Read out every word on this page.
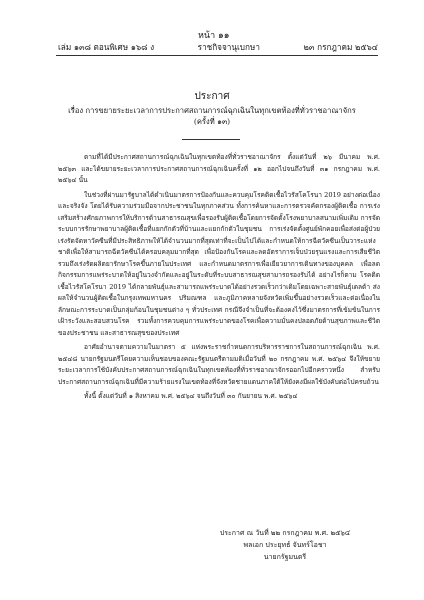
หน้า ๑๑
เล่ม ๑๓๘ ตอนพิเศษ ๑๖๘ ง	ราชกิจจานุเบกษา	๒๓ กรกฎาคม ๒๕๖๔
ประกาศ
เรื่อง การขยายระยะเวลาการประกาศสถานการณ์ฉุกเฉินในทุกเขตท้องที่ทั่วราชอาณาจักร
(ครั้งที่ ๑๓)

ตามที่ได้มีประกาศสถานการณ์ฉุกเฉินในทุกเขตท้องที่ทั่วราชอาณาจักร ตั้งแต่วันที่ ๒๖ มีนาคม พ.ศ. ๒๕๖๓ และได้ขยายระยะเวลาการประกาศสถานการณ์ฉุกเฉินครั้งที่ ๑๒ ออกไปจนถึงวันที่ ๓๑ กรกฎาคม พ.ศ. ๒๕๖๔ นั้น

ในช่วงที่ผ่านมารัฐบาลได้ดำเนินมาตรการป้องกันและควบคุมโรคติดเชื้อไวรัสโคโรนา 2019 อย่างต่อเนื่องและจริงจัง โดยได้รับความร่วมมือจากประชาชนในทุกภาคส่วน ทั้งการค้นหาและการตรวจคัดกรองผู้ติดเชื้อ การเร่งเสริมสร้างศักยภาพการให้บริการด้านสาธารณสุขเพื่อรองรับผู้ติดเชื้อโดยการจัดตั้งโรงพยาบาลสนามเพิ่มเติม การจัดระบบการรักษาพยาบาลผู้ติดเชื้อที่แยกกักตัวที่บ้านและแยกกักตัวในชุมชน การเร่งจัดตั้งศูนย์พักคอยเพื่อส่งต่อผู้ป่วย เร่งรัดจัดหาวัคซีนที่มีประสิทธิภาพให้ได้จำนวนมากที่สุดเท่าที่จะเป็นไปได้และกำหนดให้การฉีดวัคซีนเป็นวาระแห่งชาติเพื่อให้สามารถฉีดวัคซีนได้ครอบคลุมมากที่สุด เพื่อป้องกันโรคและลดอัตราการเจ็บป่วยรุนแรงและการเสียชีวิต รวมถึงเร่งรัดผลิตยารักษาโรคขึ้นภายในประเทศ และกำหนดมาตรการเพื่อเยียวยาการเดินทางของบุคคล เพื่อลดกิจกรรมการแพร่ระบาดให้อยู่ในวงจำกัดและอยู่ในระดับที่ระบบสาธารณสุขสามารถรองรับได้ อย่างไรก็ตาม โรคติดเชื้อไวรัสโคโรนา 2019 ได้กลายพันธุ์และสามารถแพร่ระบาดได้อย่างรวดเร็วกว่าเดิมโดยเฉพาะสายพันธุ์เดลต้า ส่งผลให้จำนวนผู้ติดเชื้อในกรุงเทพมหานคร ปริมณฑล และภูมิภาคหลายจังหวัดเพิ่มขึ้นอย่างรวดเร็วและต่อเนื่องในลักษณะการระบาดเป็นกลุ่มก้อนในชุมชนต่าง ๆ ทั่วประเทศ กรณีจึงจำเป็นที่จะต้องคงไว้ซึ่งมาตรการที่เข้มข้นในการเฝ้าระวังและสอบสวนโรค รวมทั้งการควบคุมการแพร่ระบาดของโรคเพื่อความมั่นคงปลอดภัยด้านสุขภาพและชีวิตของประชาชน และสาธารณสุขของประเทศ

อาศัยอำนาจตามความในมาตรา ๕ แห่งพระราชกำหนดการบริหารราชการในสถานการณ์ฉุกเฉิน พ.ศ. ๒๕๔๘ นายกรัฐมนตรีโดยความเห็นชอบของคณะรัฐมนตรีตามมติเมื่อวันที่ ๒๐ กรกฎาคม พ.ศ. ๒๕๖๔ จึงให้ขยายระยะเวลาการใช้บังคับประกาศสถานการณ์ฉุกเฉินในทุกเขตท้องที่ทั่วราชอาณาจักรออกไปอีกคราวหนึ่ง สำหรับประกาศสถานการณ์ฉุกเฉินที่มีความร้ายแรงในเขตท้องที่จังหวัดชายแดนภาคใต้ให้ยังคงมีผลใช้บังคับต่อไปครบถ้วน

ทั้งนี้ ตั้งแต่วันที่ ๑ สิงหาคม พ.ศ. ๒๕๖๔ จนถึงวันที่ ๓๐ กันยายน พ.ศ. ๒๕๖๔

ประกาศ ณ วันที่ ๒๒ กรกฎาคม พ.ศ. ๒๕๖๔
พลเอก ประยุทธ์ จันทร์โอชา
นายกรัฐมนตรี
